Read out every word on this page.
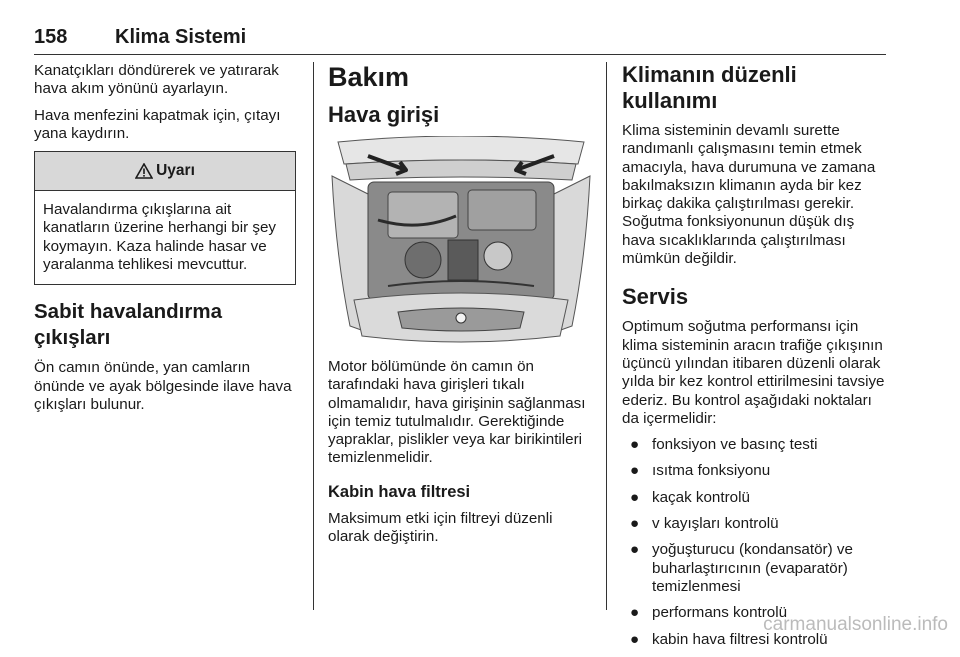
158 Klima Sistemi

Kanatçıkları döndürerek ve yatırarak hava akım yönünü ayarlayın.

Hava menfezini kapatmak için, çıtayı yana kaydırın.

Uyarı
Havalandırma çıkışlarına ait kanatların üzerine herhangi bir şey koymayın. Kaza halinde hasar ve yaralanma tehlikesi mevcuttur.
Sabit havalandırma çıkışları

Ön camın önünde, yan camların önünde ve ayak bölgesinde ilave hava çıkışları bulunur.

Bakım
Hava girişi

Motor bölümünde ön camın ön tarafındaki hava girişleri tıkalı olmamalıdır, hava girişinin sağlanması için temiz tutulmalıdır. Gerektiğinde yapraklar, pislikler veya kar birikintileri temizlenmelidir.

Kabin hava filtresi

Maksimum etki için filtreyi düzenli olarak değiştirin.

Klimanın düzenli kullanımı

Klima sisteminin devamlı surette randımanlı çalışmasını temin etmek amacıyla, hava durumuna ve zamana bakılmaksızın klimanın ayda bir kez birkaç dakika çalıştırılması gerekir. Soğutma fonksiyonunun düşük dış hava sıcaklıklarında çalıştırılması mümkün değildir.

Servis

Optimum soğutma performansı için klima sisteminin aracın trafiğe çıkışının üçüncü yılından itibaren düzenli olarak yılda bir kez kontrol ettirilmesini tavsiye ederiz. Bu kontrol aşağıdaki noktaları da içermelidir:

● fonksiyon ve basınç testi
● ısıtma fonksiyonu
● kaçak kontrolü
● v kayışları kontrolü
● yoğuşturucu (kondansatör) ve buharlaştırıcının (evaparatör) temizlenmesi
● performans kontrolü
● kabin hava filtresi kontrolü
carmanualsonline.info
